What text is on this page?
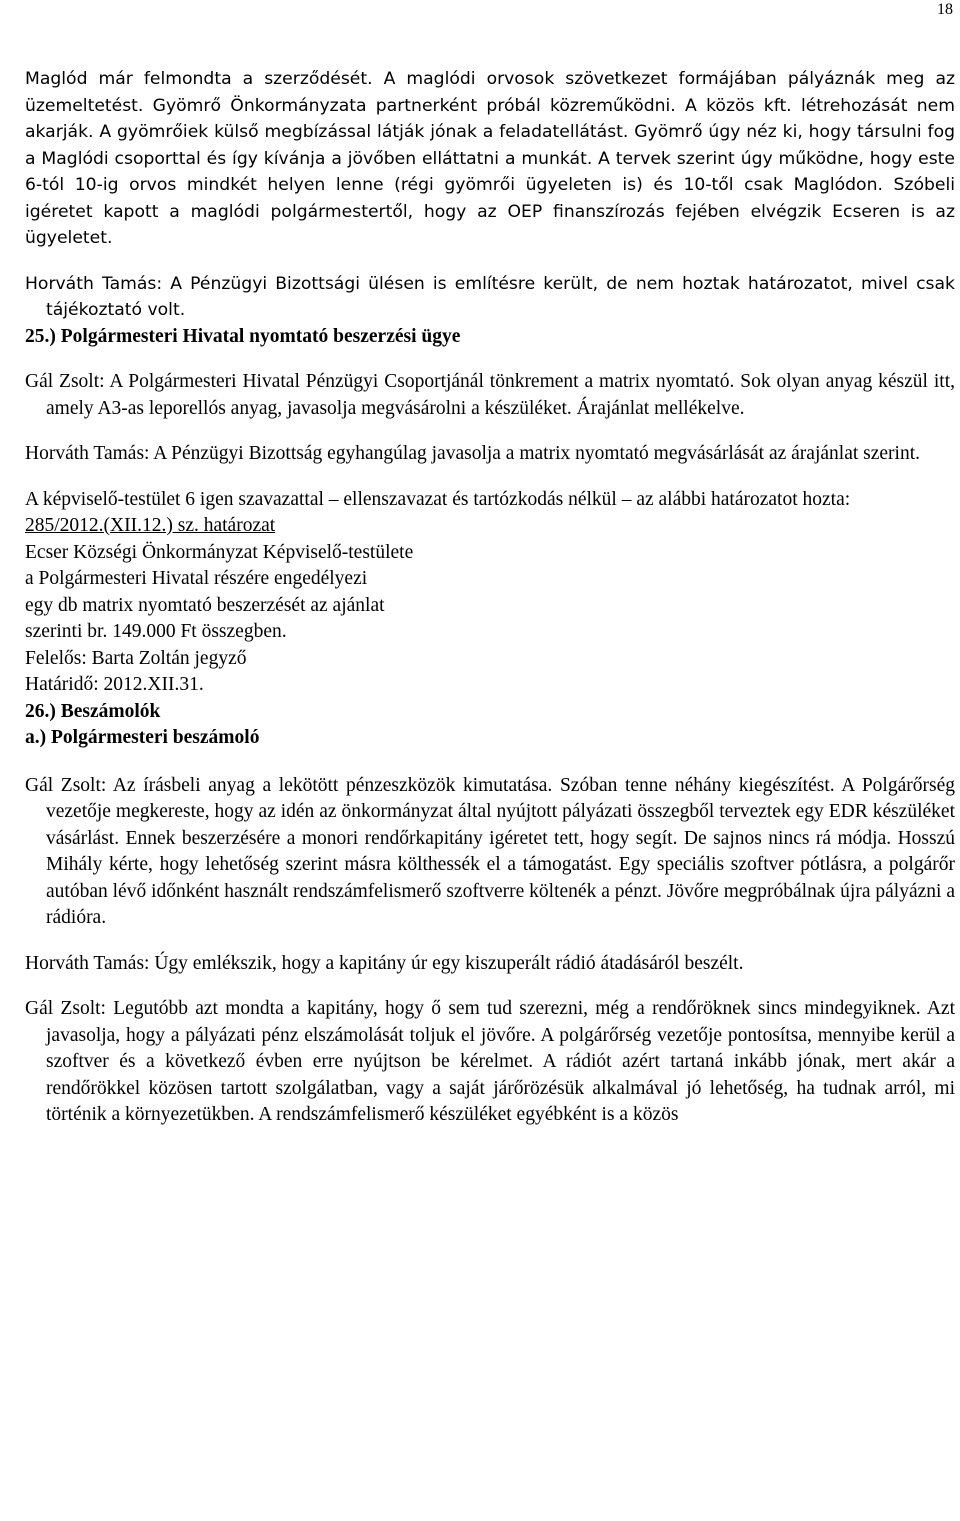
18

Maglód már felmondta a szerződését. A maglódi orvosok szövetkezet formájában pályáznák meg az üzemeltetést. Gyömrő Önkormányzata partnerként próbál közreműködni. A közös kft. létrehozását nem akarják. A gyömrőiek külső megbízással látják jónak a feladatellátást. Gyömrő úgy néz ki, hogy társulni fog a Maglódi csoporttal és így kívánja a jövőben elláttatni a munkát. A tervek szerint úgy működne, hogy este 6-tól 10-ig orvos mindkét helyen lenne (régi gyömrői ügyeleten is) és 10-től csak Maglódon. Szóbeli igéretet kapott a maglódi polgármestertől, hogy az OEP finanszírozás fejében elvégzik Ecseren is az ügyeletet.

Horváth Tamás: A Pénzügyi Bizottsági ülésen is említésre került, de nem hoztak határozatot, mivel csak tájékoztató volt.

25.) Polgármesteri Hivatal nyomtató beszerzési ügye

Gál Zsolt: A Polgármesteri Hivatal Pénzügyi Csoportjánál tönkrement a matrix nyomtató. Sok olyan anyag készül itt, amely A3-as leporellós anyag, javasolja megvásárolni a készüléket. Árajánlat mellékelve.

Horváth Tamás: A Pénzügyi Bizottság egyhangúlag javasolja a matrix nyomtató megvásárlását az árajánlat szerint.

A képviselő-testület 6 igen szavazattal – ellenszavazat és tartózkodás nélkül – az alábbi határozatot hozta:

285/2012.(XII.12.) sz. határozat

Ecser Községi Önkormányzat Képviselő-testülete

a Polgármesteri Hivatal részére engedélyezi

egy db matrix nyomtató beszerzését az ajánlat

szerinti br. 149.000 Ft összegben.

Felelős: Barta Zoltán jegyző

Határidő: 2012.XII.31.

26.) Beszámolók

a.) Polgármesteri beszámoló

Gál Zsolt: Az írásbeli anyag a lekötött pénzeszközök kimutatása. Szóban tenne néhány kiegészítést. A Polgárőrség vezetője megkereste, hogy az idén az önkormányzat által nyújtott pályázati összegből terveztek egy EDR készüléket vásárlást. Ennek beszerzésére a monori rendőrkapitány igéretet tett, hogy segít. De sajnos nincs rá módja. Hosszú Mihály kérte, hogy lehetőség szerint másra költhessék el a támogatást. Egy speciális szoftver pótlásra, a polgárőr autóban lévő időnként használt rendszámfelismerő szoftverre költenék a pénzt. Jövőre megpróbálnak újra pályázni a rádióra.

Horváth Tamás: Úgy emlékszik, hogy a kapitány úr egy kiszuperált rádió átadásáról beszélt.

Gál Zsolt: Legutóbb azt mondta a kapitány, hogy ő sem tud szerezni, még a rendőröknek sincs mindegyiknek. Azt javasolja, hogy a pályázati pénz elszámolását toljuk el jövőre. A polgárőrség vezetője pontosítsa, mennyibe kerül a szoftver és a következő évben erre nyújtson be kérelmet. A rádiót azért tartaná inkább jónak, mert akár a rendőrökkel közösen tartott szolgálatban, vagy a saját járőrözésük alkalmával jó lehetőség, ha tudnak arról, mi történik a környezetükben. A rendszámfelismerő készüléket egyébként is a közös
